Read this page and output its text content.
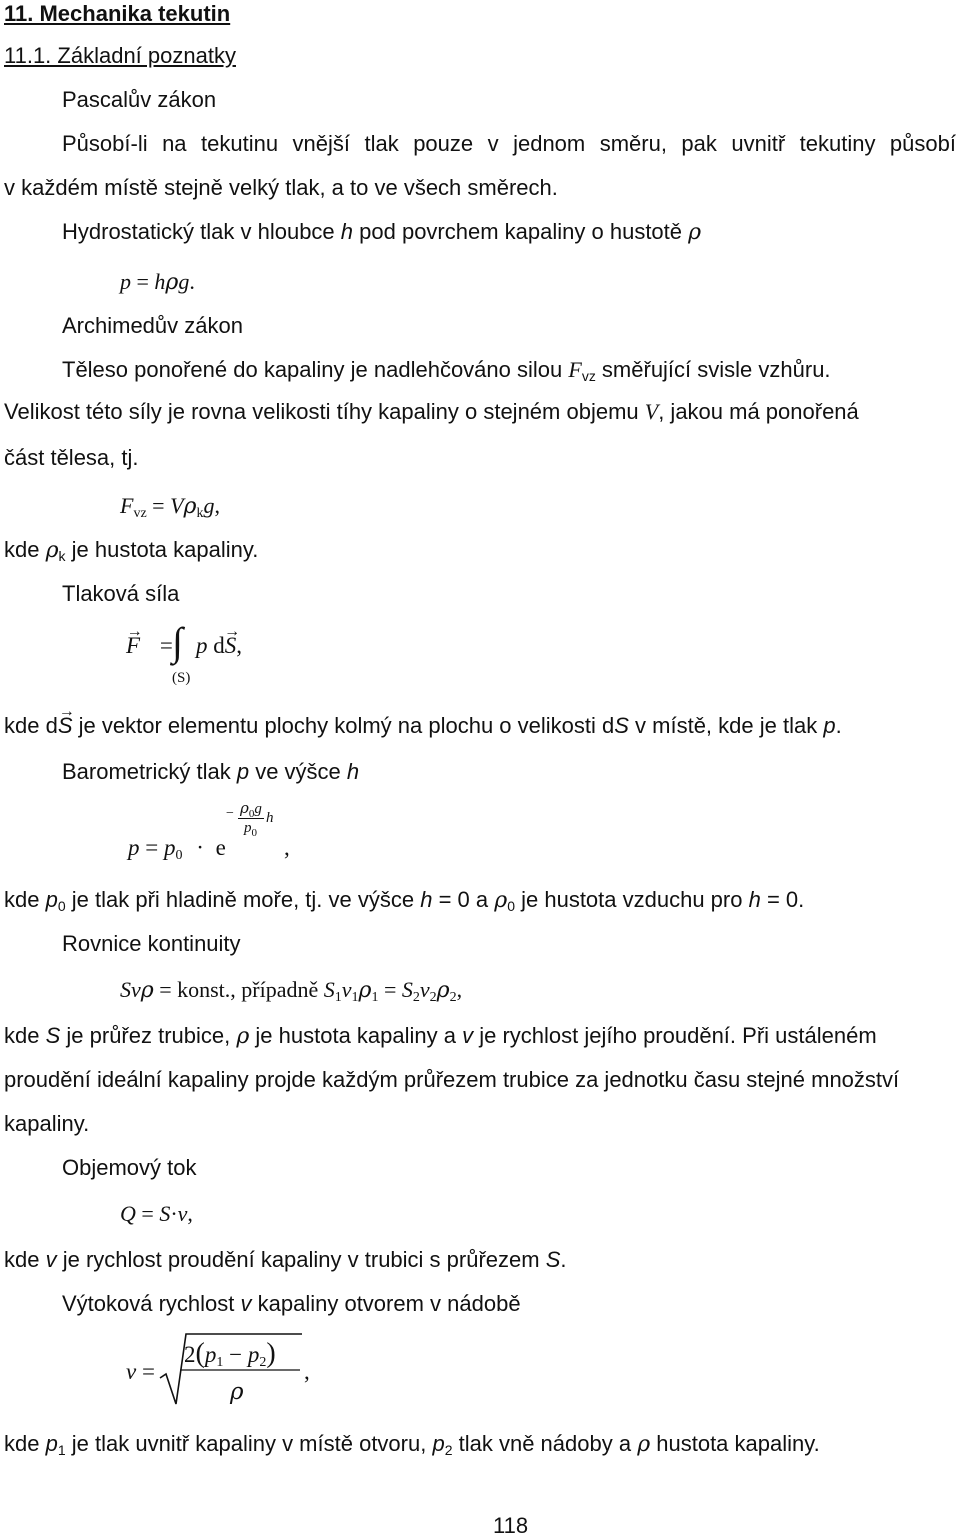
11. Mechanika tekutin
11.1. Základní poznatky
Pascalův zákon
Působí-li na tekutinu vnější tlak pouze v jednom směru, pak uvnitř tekutiny působí
v každém místě stejně velký tlak, a to ve všech směrech.
Hydrostatický tlak v hloubce h pod povrchem kapaliny o hustotě ρ
p = hρg.
Archimedův zákon
Těleso ponořené do kapaliny je nadlehčováno silou $F_{vz}$ směřující svisle vzhůru.
Velikost této síly je rovna velikosti tíhy kapaliny o stejném objemu V, jakou má ponořená
část tělesa, tj.
$F_{vz} = V\rho_kg$,
kde $\rho_k$ je hustota kapaliny.
Tlaková síla
→ F = ∫ p d→ S,
(S)
kde d→ S je vektor elementu plochy kolmý na plochu o velikosti dS v místě, kde je tlak p.
Barometrický tlak p ve výšce h
$p = p_0 \cdot e$
− $\rho_0g$
h
$p_0$
,
kde $p_0$ je tlak při hladině moře, tj. ve výšce h = 0 a $\rho_0$ je hustota vzduchu pro h = 0.
Rovnice kontinuity
Svρ = konst., případně $S_1v_1\rho_1 = S_2v_2\rho_2$,
kde S je průřez trubice, ρ je hustota kapaliny a v je rychlost jejího proudění. Při ustáleném
proudění ideální kapaliny projde každým průřezem trubice za jednotku času stejné množství
kapaliny.
Objemový tok
Q = S·v,
kde v je rychlost proudění kapaliny v trubici s průřezem S.
Výtoková rychlost v kapaliny otvorem v nádobě
v =
$2(p_1 - p_2)$
ρ
,
kde $p_1$ je tlak uvnitř kapaliny v místě otvoru, $p_2$ tlak vně nádoby a ρ hustota kapaliny.
118
